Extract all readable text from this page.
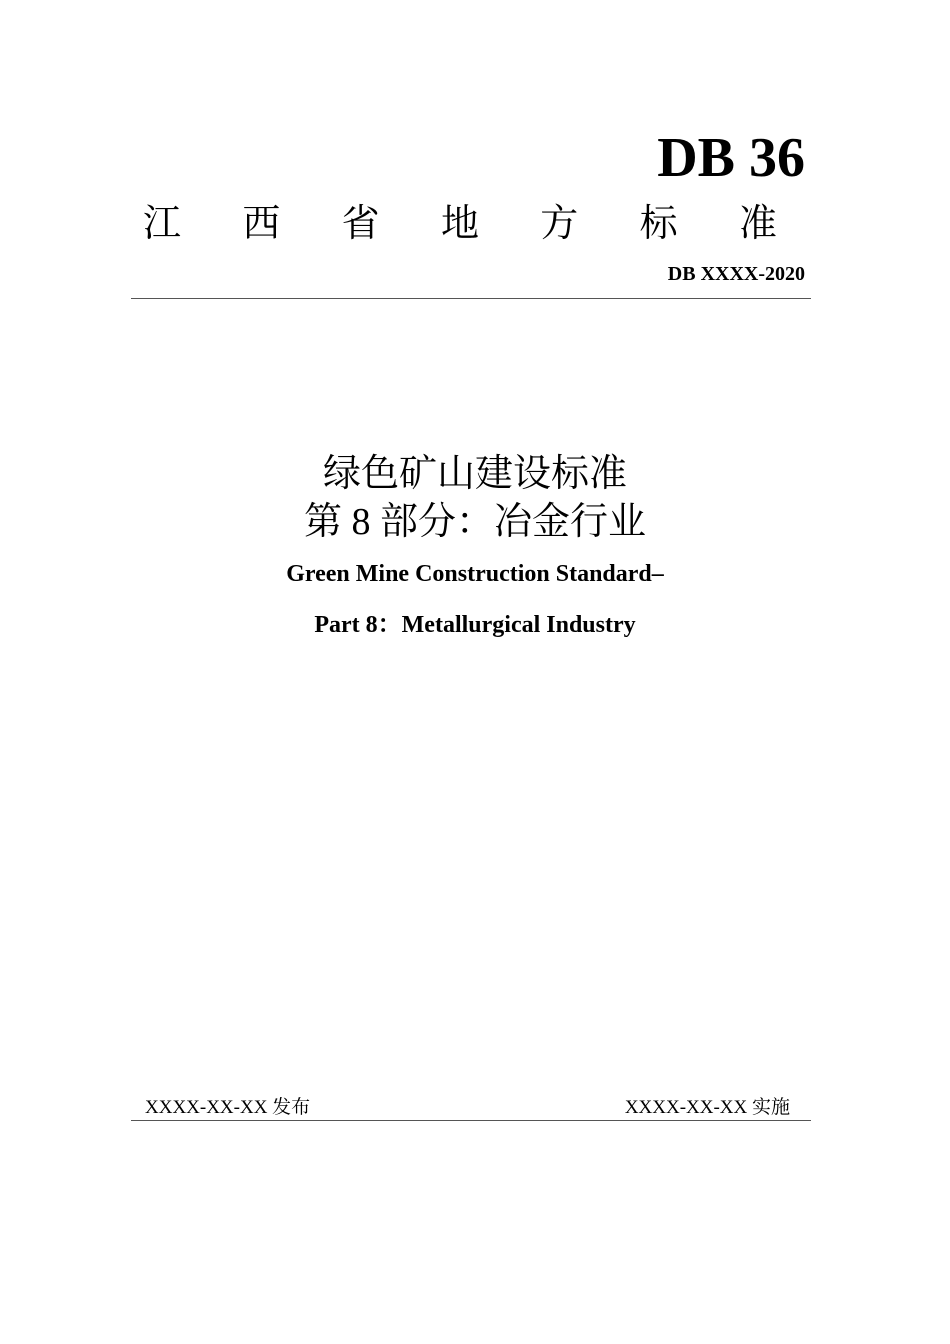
DB 36
江 西 省 地 方 标 准
DB XXXX-2020
绿色矿山建设标准
第 8 部分：冶金行业
Green Mine Construction Standard–
Part 8：Metallurgical Industry
XXXX-XX-XX 发布	XXXX-XX-XX 实施
